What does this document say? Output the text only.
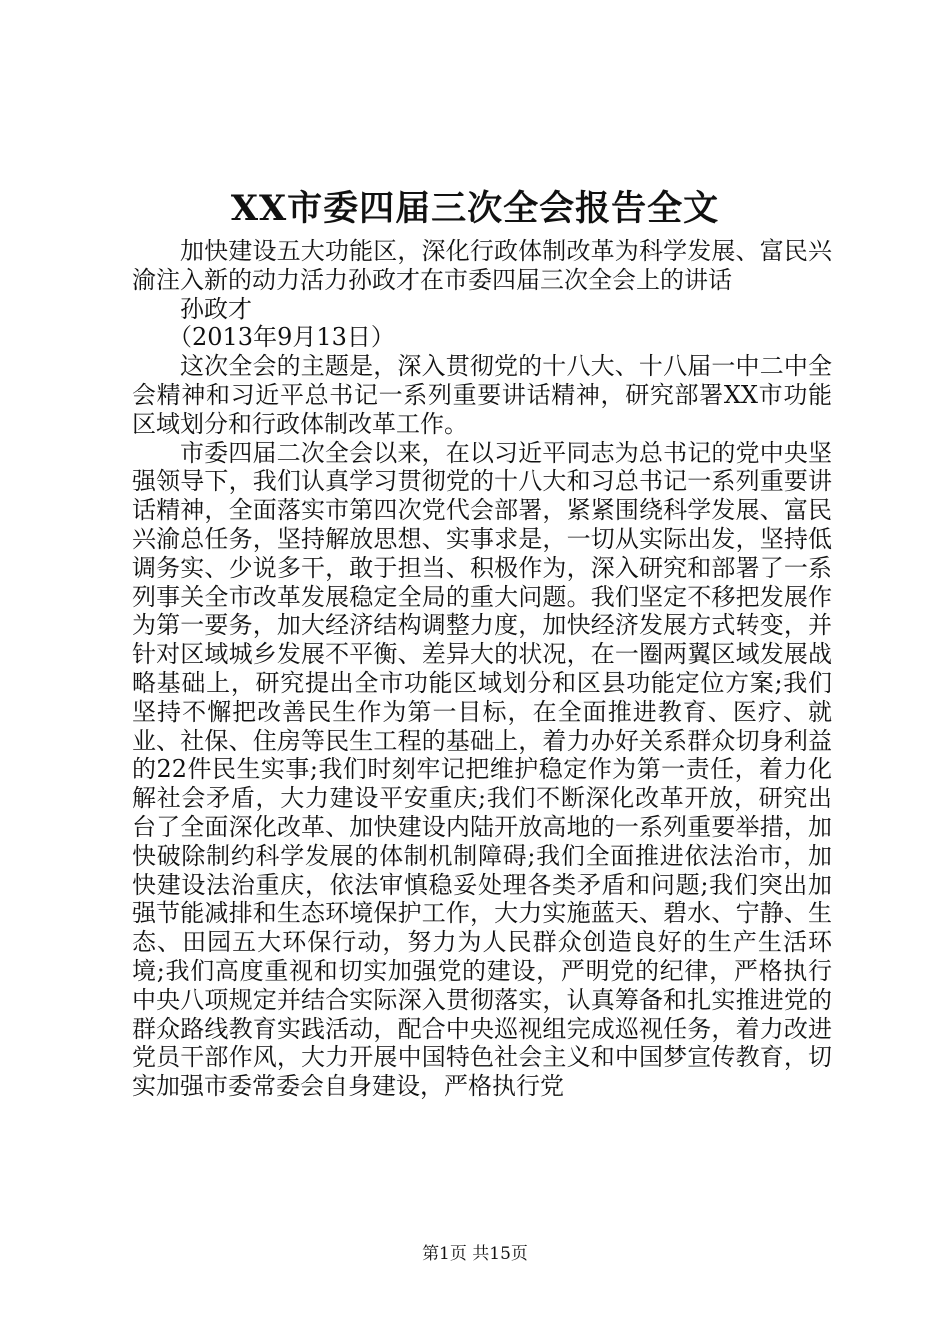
XX市委四届三次全会报告全文

加快建设五大功能区，深化行政体制改革为科学发展、富民兴渝注入新的动力活力孙政才在市委四届三次全会上的讲话

孙政才

（2013年9月13日）

这次全会的主题是，深入贯彻党的十八大、十八届一中二中全会精神和习近平总书记一系列重要讲话精神，研究部署XX市功能区域划分和行政体制改革工作。

市委四届二次全会以来，在以习近平同志为总书记的党中央坚强领导下，我们认真学习贯彻党的十八大和习总书记一系列重要讲话精神，全面落实市第四次党代会部署，紧紧围绕科学发展、富民兴渝总任务，坚持解放思想、实事求是，一切从实际出发，坚持低调务实、少说多干，敢于担当、积极作为，深入研究和部署了一系列事关全市改革发展稳定全局的重大问题。我们坚定不移把发展作为第一要务，加大经济结构调整力度，加快经济发展方式转变，并针对区域城乡发展不平衡、差异大的状况，在一圈两翼区域发展战略基础上，研究提出全市功能区域划分和区县功能定位方案;我们坚持不懈把改善民生作为第一目标，在全面推进教育、医疗、就业、社保、住房等民生工程的基础上，着力办好关系群众切身利益的22件民生实事;我们时刻牢记把维护稳定作为第一责任，着力化解社会矛盾，大力建设平安重庆;我们不断深化改革开放，研究出台了全面深化改革、加快建设内陆开放高地的一系列重要举措，加快破除制约科学发展的体制机制障碍;我们全面推进依法治市，加快建设法治重庆，依法审慎稳妥处理各类矛盾和问题;我们突出加强节能减排和生态环境保护工作，大力实施蓝天、碧水、宁静、生态、田园五大环保行动，努力为人民群众创造良好的生产生活环境;我们高度重视和切实加强党的建设，严明党的纪律，严格执行中央八项规定并结合实际深入贯彻落实，认真筹备和扎实推进党的群众路线教育实践活动，配合中央巡视组完成巡视任务，着力改进党员干部作风，大力开展中国特色社会主义和中国梦宣传教育，切实加强市委常委会自身建设，严格执行党

第1页 共15页
